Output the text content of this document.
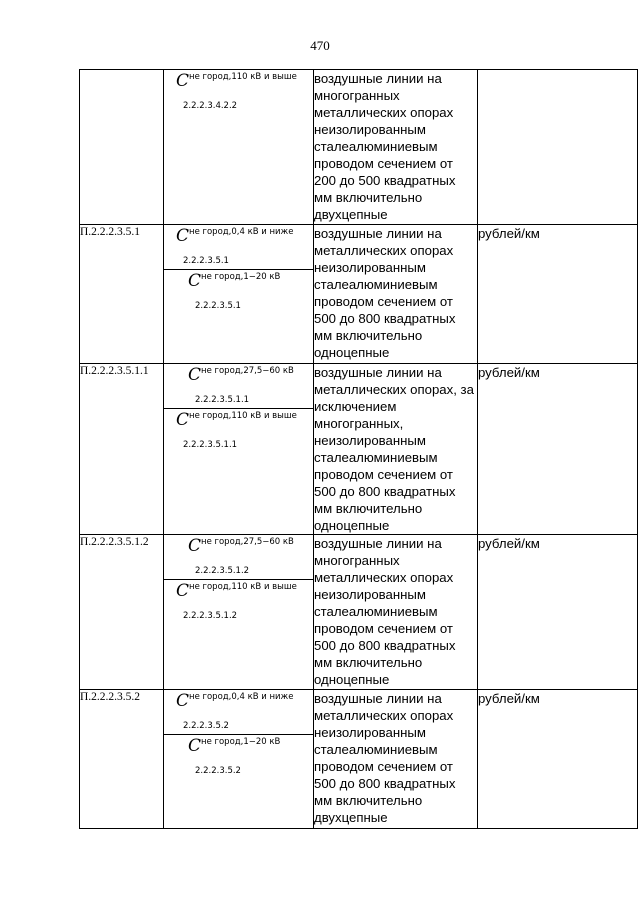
470

	$C^{не город,110 кВ и выше}$
$_{2.2.2.3.4.2.2}$	воздушные линии на многогранных металлических опорах неизолированным сталеалюминиевым проводом сечением от 200 до 500 квадратных мм включительно двухцепные	
П.2.2.2.3.5.1	$C^{не город,0,4 кВ и ниже}$
$_{2.2.2.3.5.1}$
$C^{не город,1-20 кВ}$
$_{2.2.2.3.5.1}$	воздушные линии на металлических опорах неизолированным сталеалюминиевым проводом сечением от 500 до 800 квадратных мм включительно одноцепные	рублей/км
П.2.2.2.3.5.1.1	$C^{не город,27,5-60 кВ}$
$_{2.2.2.3.5.1.1}$
$C^{не город,110 кВ и выше}$
$_{2.2.2.3.5.1.1}$	воздушные линии на металлических опорах, за исключением многогранных, неизолированным сталеалюминиевым проводом сечением от 500 до 800 квадратных мм включительно одноцепные	рублей/км
П.2.2.2.3.5.1.2	$C^{не город,27,5-60 кВ}$
$_{2.2.2.3.5.1.2}$
$C^{не город,110 кВ и выше}$
$_{2.2.2.3.5.1.2}$	воздушные линии на многогранных металлических опорах неизолированным сталеалюминиевым проводом сечением от 500 до 800 квадратных мм включительно одноцепные	рублей/км
П.2.2.2.3.5.2	$C^{не город,0,4 кВ и ниже}$
$_{2.2.2.3.5.2}$
$C^{не город,1-20 кВ}$
$_{2.2.2.3.5.2}$	воздушные линии на металлических опорах неизолированным сталеалюминиевым проводом сечением от 500 до 800 квадратных мм включительно двухцепные	рублей/км
